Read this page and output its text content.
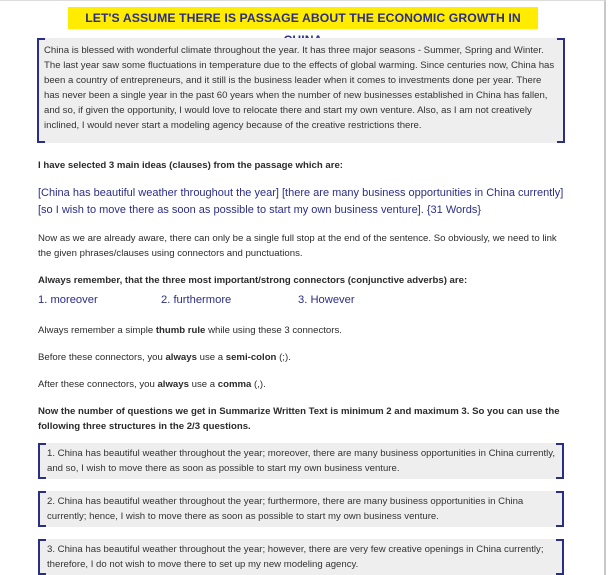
LET'S ASSUME THERE IS PASSAGE ABOUT THE ECONOMIC GROWTH IN
China is blessed with wonderful climate throughout the year. It has three major seasons - Summer, Spring and Winter. The last year saw some fluctuations in temperature due to the effects of global warming. Since centuries now, China has been a country of entrepreneurs, and it still is the business leader when it comes to investments done per year. There has never been a single year in the past 60 years when the number of new businesses established in China has fallen, and so, if given the opportunity, I would love to relocate there and start my own venture. Also, as I am not creatively inclined, I would never start a modeling agency because of the creative restrictions there.
I have selected 3 main ideas (clauses) from the passage which are:
[China has beautiful weather throughout the year] [there are many business opportunities in China currently] [so I wish to move there as soon as possible to start my own business venture]. {31 Words}
Now as we are already aware, there can only be a single full stop at the end of the sentence. So obviously, we need to link the given phrases/clauses using connectors and punctuations.
Always remember, that the three most important/strong connectors (conjunctive adverbs) are:
1. moreover	2. furthermore	3. However
Always remember a simple thumb rule while using these 3 connectors.
Before these connectors, you always use a semi-colon (;).
After these connectors, you always use a comma (,).
Now the number of questions we get in Summarize Written Text is minimum 2 and maximum 3. So you can use the following three structures in the 2/3 questions.
1. China has beautiful weather throughout the year; moreover, there are many business opportunities in China currently, and so, I wish to move there as soon as possible to start my own business venture.
2. China has beautiful weather throughout the year; furthermore, there are many business opportunities in China currently; hence, I wish to move there as soon as possible to start my own business venture.
3. China has beautiful weather throughout the year; however, there are very few creative openings in China currently; therefore, I do not wish to move there to set up my new modeling agency.
